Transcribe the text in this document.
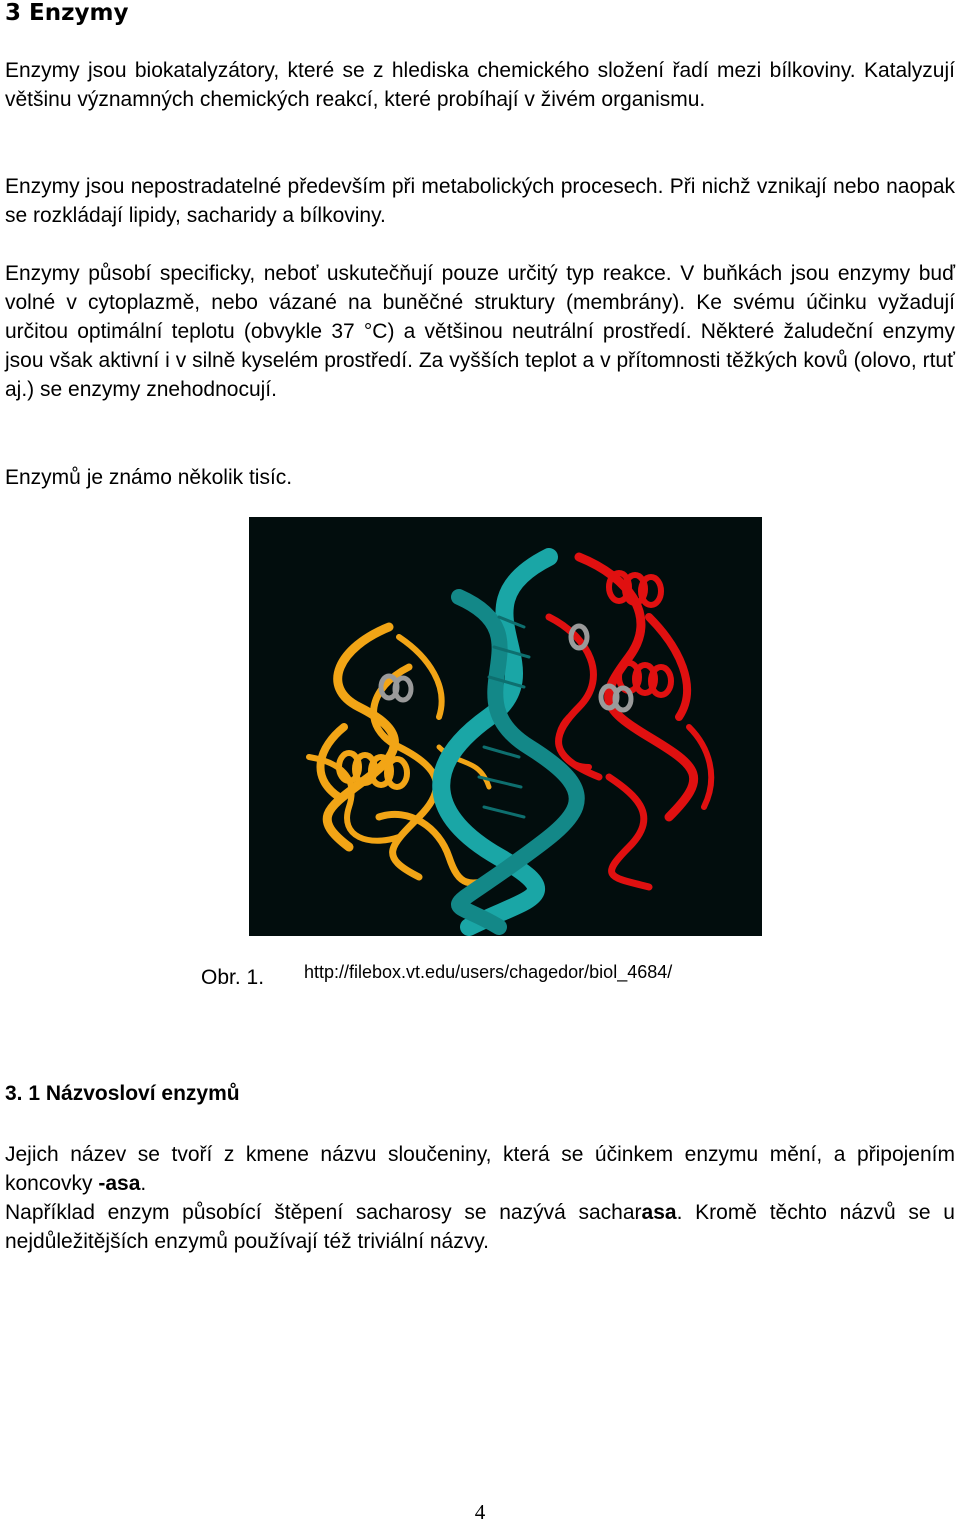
3 Enzymy

Enzymy jsou biokatalyzátory, které se z hlediska chemického složení řadí mezi bílkoviny. Katalyzují většinu významných chemických reakcí, které probíhají v živém organismu.

Enzymy jsou nepostradatelné především při metabolických procesech. Při nichž vznikají nebo naopak se rozkládají lipidy, sacharidy a bílkoviny.

Enzymy působí specificky, neboť uskutečňují pouze určitý typ reakce. V buňkách jsou enzymy buď volné v cytoplazmě, nebo vázané na buněčné struktury (membrány). Ke svému účinku vyžadují určitou optimální teplotu (obvykle 37 °C) a většinou neutrální prostředí. Některé žaludeční enzymy jsou však aktivní i v silně kyselém prostředí. Za vyšších teplot a v přítomnosti těžkých kovů (olovo, rtuť aj.) se enzymy znehodnocují.

Enzymů je známo několik tisíc.

Obr. 1. http://filebox.vt.edu/users/chagedor/biol_4684/

3. 1 Názvosloví enzymů

Jejich název se tvoří z kmene názvu sloučeniny, která se účinkem enzymu mění, a připojením koncovky -asa.

Například enzym působící štěpení sacharosy se nazývá sacharasa. Kromě těchto názvů se u nejdůležitějších enzymů používají též triviální názvy.

4
